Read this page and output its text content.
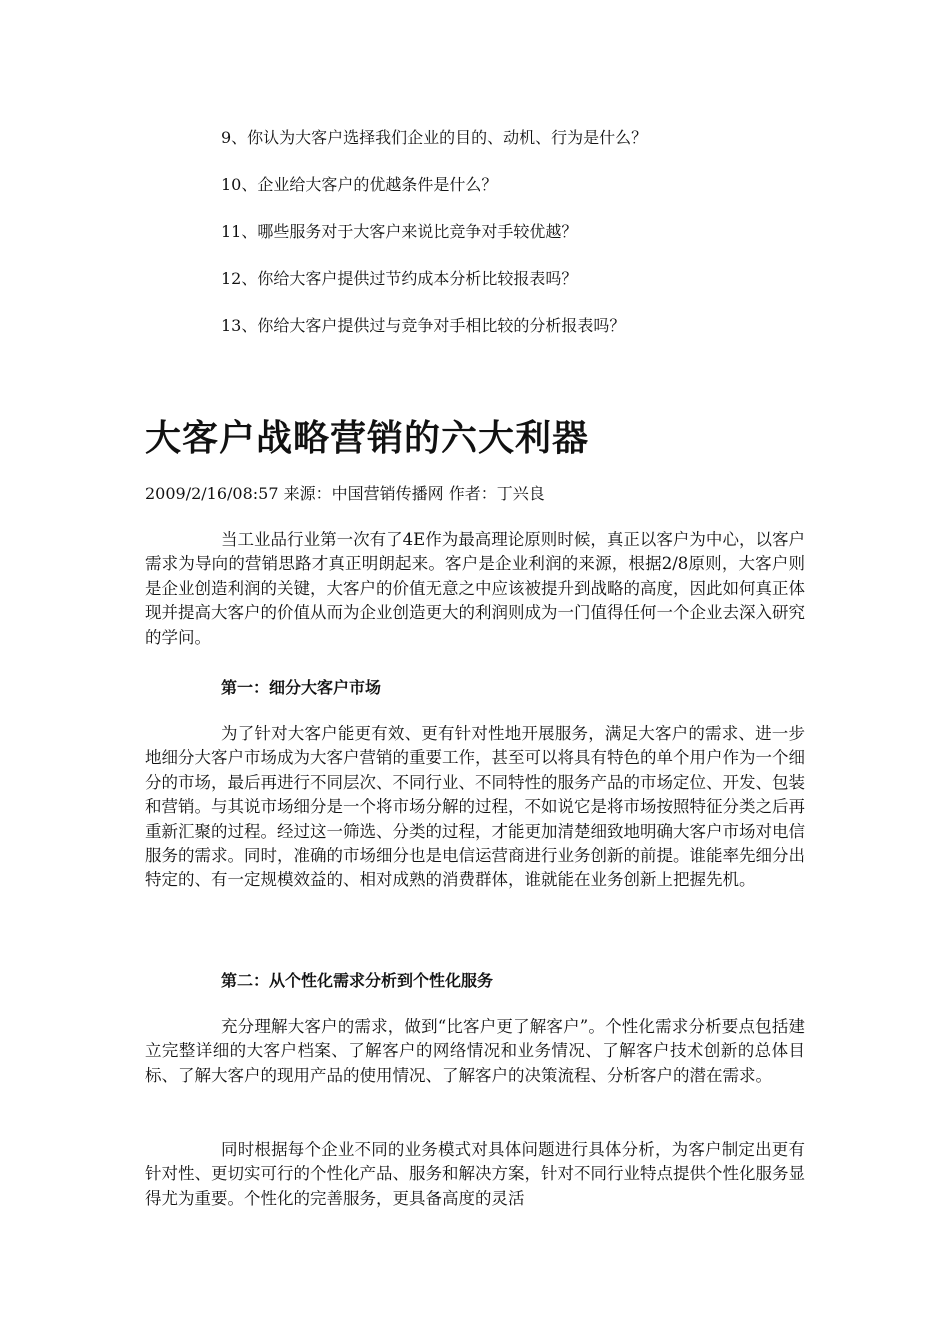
9、你认为大客户选择我们企业的目的、动机、行为是什么？
10、企业给大客户的优越条件是什么？
11、哪些服务对于大客户来说比竞争对手较优越？
12、你给大客户提供过节约成本分析比较报表吗？
13、你给大客户提供过与竞争对手相比较的分析报表吗？
大客户战略营销的六大利器
2009/2/16/08:57 来源：中国营销传播网 作者：丁兴良

当工业品行业第一次有了4E作为最高理论原则时候，真正以客户为中心，以客户需求为导向的营销思路才真正明朗起来。客户是企业利润的来源，根据2/8原则，大客户则是企业创造利润的关键，大客户的价值无意之中应该被提升到战略的高度，因此如何真正体现并提高大客户的价值从而为企业创造更大的利润则成为一门值得任何一个企业去深入研究的学问。

第一：细分大客户市场

为了针对大客户能更有效、更有针对性地开展服务，满足大客户的需求、进一步地细分大客户市场成为大客户营销的重要工作，甚至可以将具有特色的单个用户作为一个细分的市场，最后再进行不同层次、不同行业、不同特性的服务产品的市场定位、开发、包装和营销。与其说市场细分是一个将市场分解的过程，不如说它是将市场按照特征分类之后再重新汇聚的过程。经过这一筛选、分类的过程，才能更加清楚细致地明确大客户市场对电信服务的需求。同时，准确的市场细分也是电信运营商进行业务创新的前提。谁能率先细分出特定的、有一定规模效益的、相对成熟的消费群体，谁就能在业务创新上把握先机。

第二：从个性化需求分析到个性化服务

充分理解大客户的需求，做到“比客户更了解客户”。个性化需求分析要点包括建立完整详细的大客户档案、了解客户的网络情况和业务情况、了解客户技术创新的总体目标、了解大客户的现用产品的使用情况、了解客户的决策流程、分析客户的潜在需求。

同时根据每个企业不同的业务模式对具体问题进行具体分析，为客户制定出更有针对性、更切实可行的个性化产品、服务和解决方案，针对不同行业特点提供个性化服务显得尤为重要。个性化的完善服务，更具备高度的灵活
